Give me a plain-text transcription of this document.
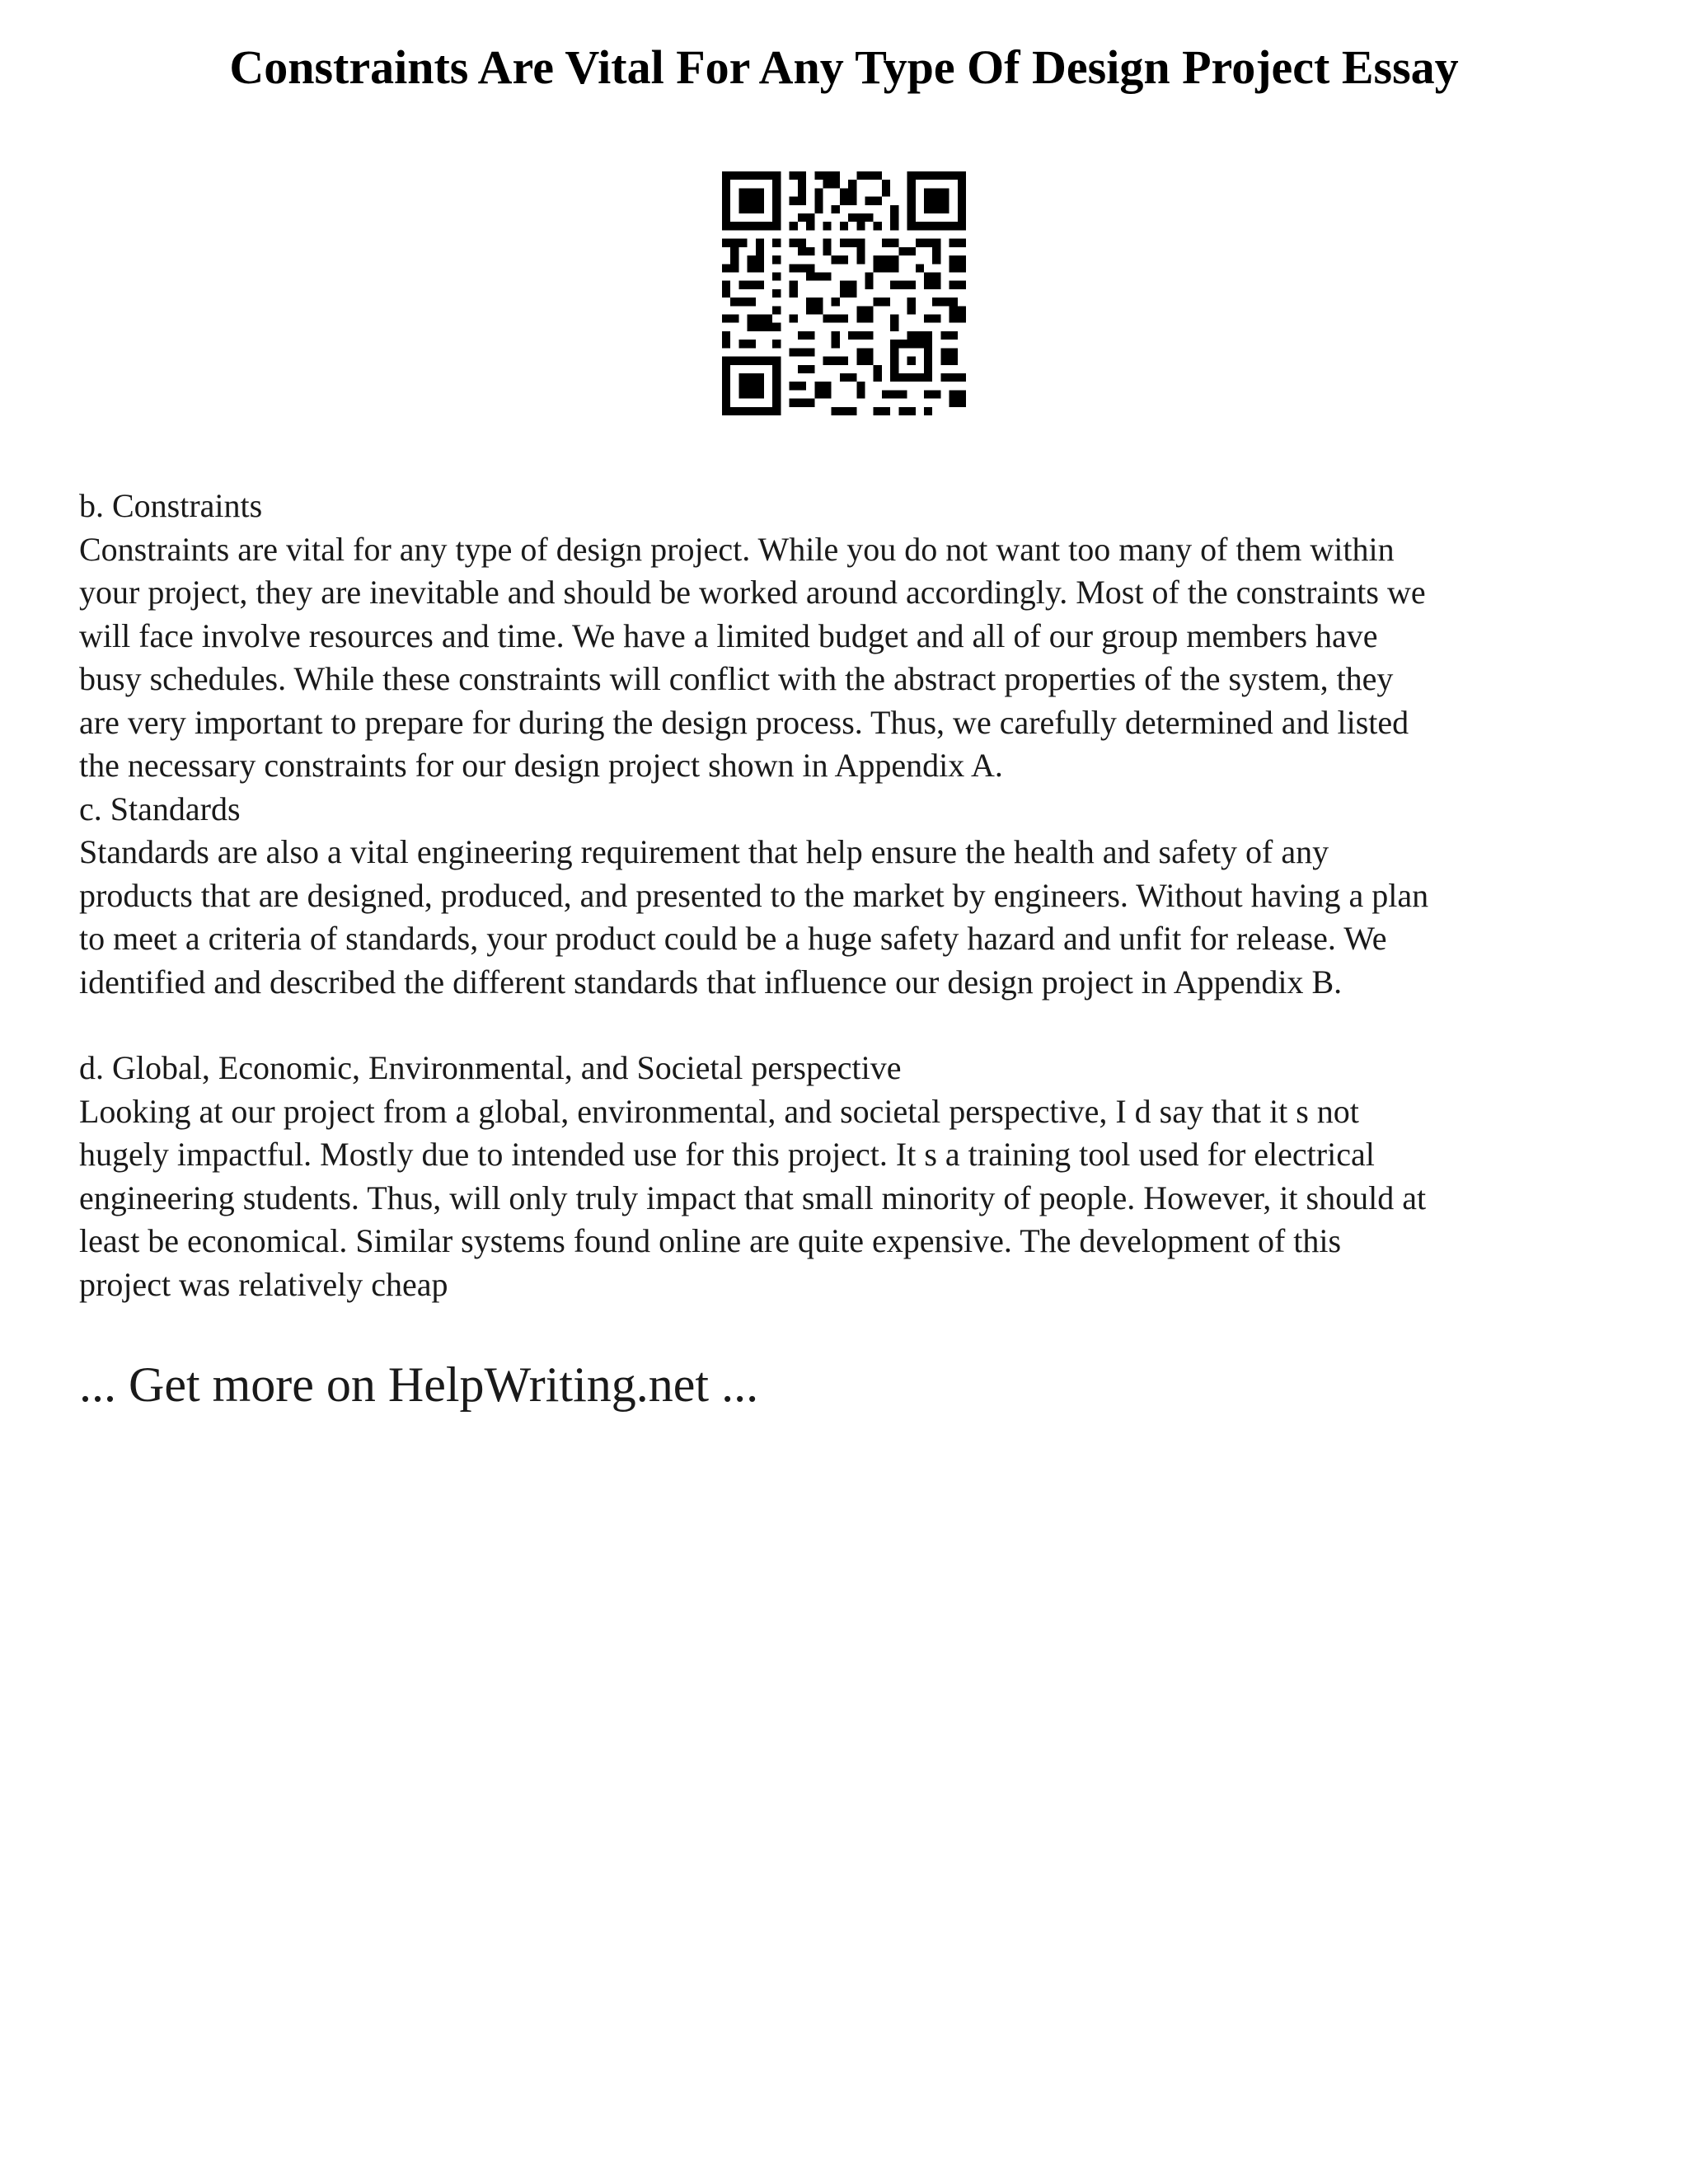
Constraints Are Vital For Any Type Of Design Project Essay

b. Constraints

Constraints are vital for any type of design project. While you do not want too many of them within

your project, they are inevitable and should be worked around accordingly. Most of the constraints we

will face involve resources and time. We have a limited budget and all of our group members have

busy schedules. While these constraints will conflict with the abstract properties of the system, they

are very important to prepare for during the design process. Thus, we carefully determined and listed

the necessary constraints for our design project shown in Appendix A.

c. Standards

Standards are also a vital engineering requirement that help ensure the health and safety of any

products that are designed, produced, and presented to the market by engineers. Without having a plan

to meet a criteria of standards, your product could be a huge safety hazard and unfit for release. We

identified and described the different standards that influence our design project in Appendix B.

d. Global, Economic, Environmental, and Societal perspective

Looking at our project from a global, environmental, and societal perspective, I d say that it s not

hugely impactful. Mostly due to intended use for this project. It s a training tool used for electrical

engineering students. Thus, will only truly impact that small minority of people. However, it should at

least be economical. Similar systems found online are quite expensive. The development of this

project was relatively cheap

... Get more on HelpWriting.net ...
